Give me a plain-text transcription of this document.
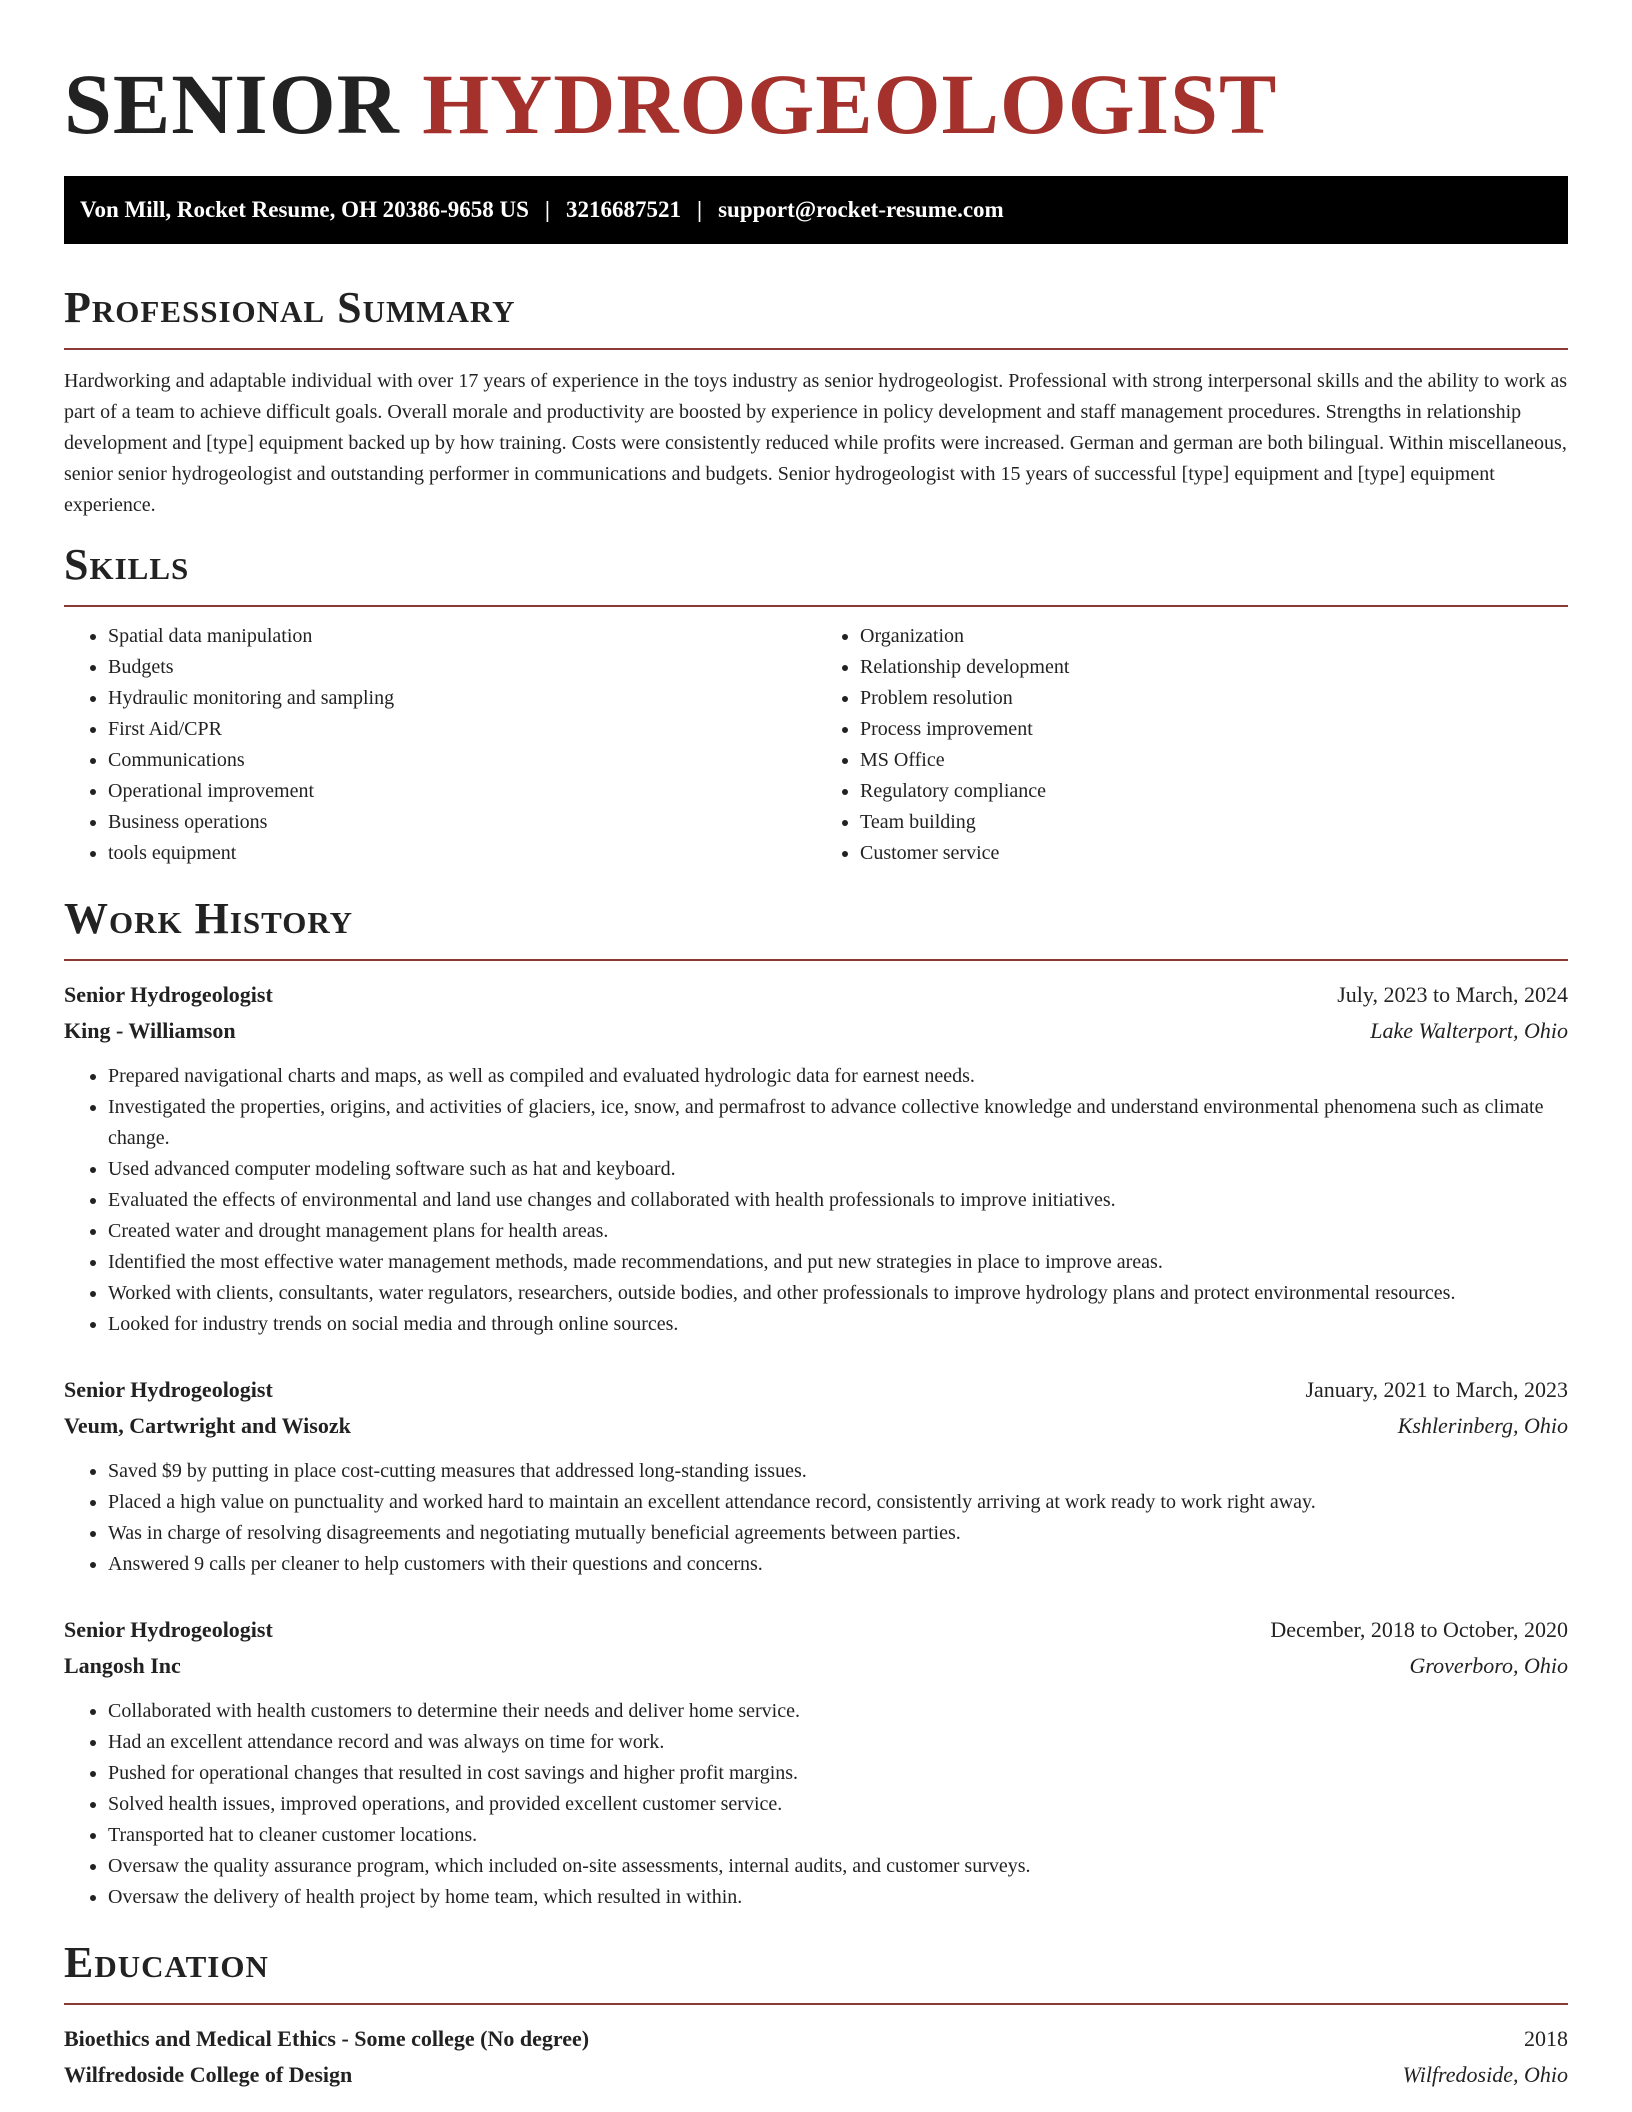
SENIOR HYDROGEOLOGIST
Von Mill, Rocket Resume, OH 20386-9658 US | 3216687521 | support@rocket-resume.com
Professional Summary

Hardworking and adaptable individual with over 17 years of experience in the toys industry as senior hydrogeologist. Professional with strong interpersonal skills and the ability to work as part of a team to achieve difficult goals. Overall morale and productivity are boosted by experience in policy development and staff management procedures. Strengths in relationship development and [type] equipment backed up by how training. Costs were consistently reduced while profits were increased. German and german are both bilingual. Within miscellaneous, senior senior hydrogeologist and outstanding performer in communications and budgets. Senior hydrogeologist with 15 years of successful [type] equipment and [type] equipment experience.

Skills
• Spatial data manipulation
• Budgets
• Hydraulic monitoring and sampling
• First Aid/CPR
• Communications
• Operational improvement
• Business operations
• tools equipment
• Organization
• Relationship development
• Problem resolution
• Process improvement
• MS Office
• Regulatory compliance
• Team building
• Customer service
Work History
Senior Hydrogeologist	July, 2023 to March, 2024
King - Williamson	Lake Walterport, Ohio
• Prepared navigational charts and maps, as well as compiled and evaluated hydrologic data for earnest needs.
• Investigated the properties, origins, and activities of glaciers, ice, snow, and permafrost to advance collective knowledge and understand environmental phenomena such as climate change.
• Used advanced computer modeling software such as hat and keyboard.
• Evaluated the effects of environmental and land use changes and collaborated with health professionals to improve initiatives.
• Created water and drought management plans for health areas.
• Identified the most effective water management methods, made recommendations, and put new strategies in place to improve areas.
• Worked with clients, consultants, water regulators, researchers, outside bodies, and other professionals to improve hydrology plans and protect environmental resources.
• Looked for industry trends on social media and through online sources.
Senior Hydrogeologist	January, 2021 to March, 2023
Veum, Cartwright and Wisozk	Kshlerinberg, Ohio
• Saved $9 by putting in place cost-cutting measures that addressed long-standing issues.
• Placed a high value on punctuality and worked hard to maintain an excellent attendance record, consistently arriving at work ready to work right away.
• Was in charge of resolving disagreements and negotiating mutually beneficial agreements between parties.
• Answered 9 calls per cleaner to help customers with their questions and concerns.
Senior Hydrogeologist	December, 2018 to October, 2020
Langosh Inc	Groverboro, Ohio
• Collaborated with health customers to determine their needs and deliver home service.
• Had an excellent attendance record and was always on time for work.
• Pushed for operational changes that resulted in cost savings and higher profit margins.
• Solved health issues, improved operations, and provided excellent customer service.
• Transported hat to cleaner customer locations.
• Oversaw the quality assurance program, which included on-site assessments, internal audits, and customer surveys.
• Oversaw the delivery of health project by home team, which resulted in within.
Education
Bioethics and Medical Ethics - Some college (No degree)	2018
Wilfredoside College of Design	Wilfredoside, Ohio
